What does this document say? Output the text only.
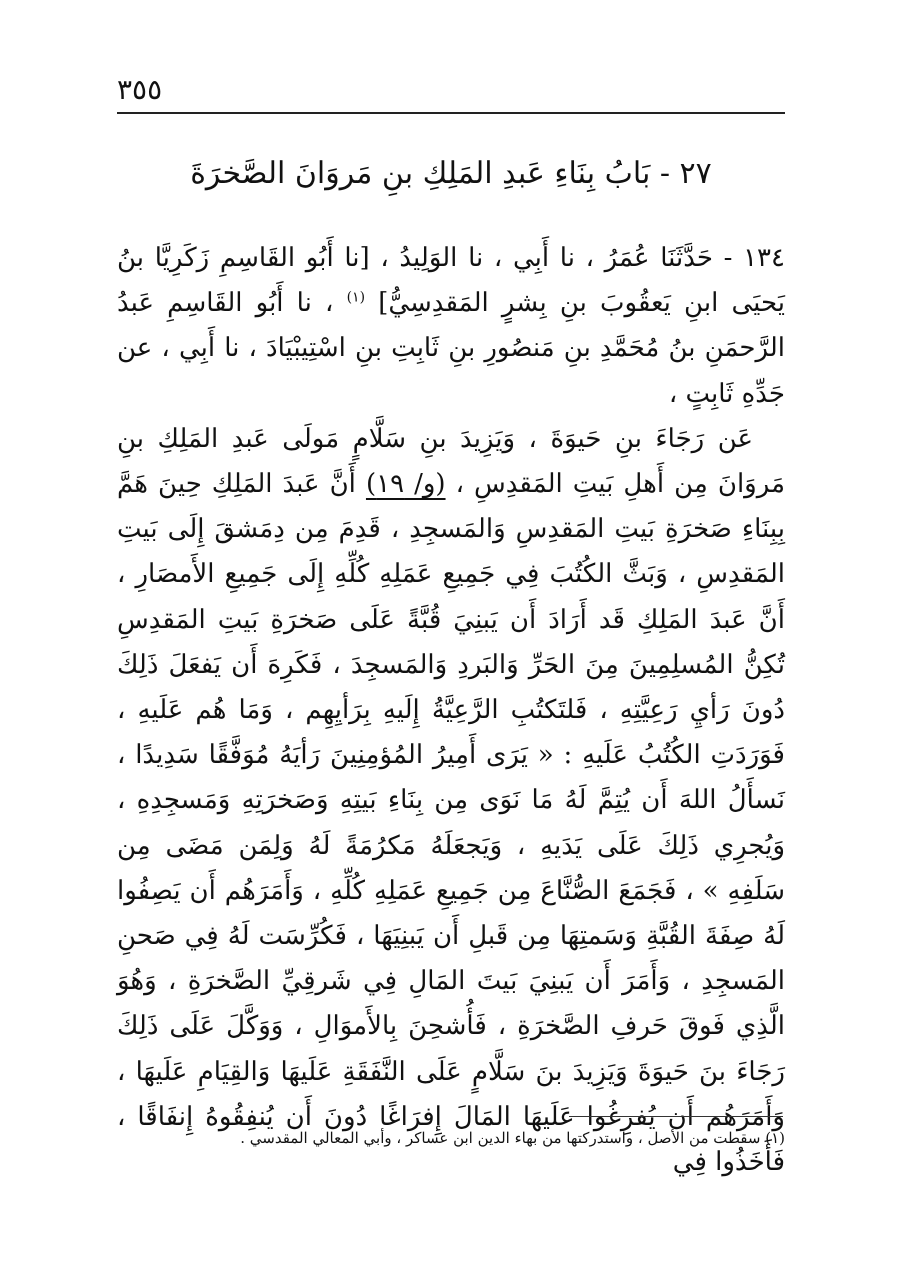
٣٥٥
٢٧ - بَابُ بِنَاءِ عَبدِ المَلِكِ بنِ مَروَانَ الصَّخرَةَ

١٣٤ - حَدَّثَنَا عُمَرُ ، نا أَبِي ، نا الوَلِيدُ ، [نا أَبُو القَاسِمِ زَكَرِيَّا بنُ يَحيَى ابنِ يَعقُوبَ بنِ بِشرٍ المَقدِسِيُّ] $^{(١)}$ ، نا أَبُو القَاسِمِ عَبدُ الرَّحمَنِ بنُ مُحَمَّدِ بنِ مَنصُورِ بنِ ثَابِتِ بنِ اسْتِيبْيَادَ ، نا أَبِي ، عن جَدِّهِ ثَابِتٍ ،

عَن رَجَاءَ بنِ حَيوَةَ ، وَيَزِيدَ بنِ سَلَّامٍ مَولَى عَبدِ المَلِكِ بنِ مَروَانَ مِن أَهلِ بَيتِ المَقدِسِ ، (و/ ١٩) أَنَّ عَبدَ المَلِكِ حِينَ هَمَّ بِبِنَاءِ صَخرَةِ بَيتِ المَقدِسِ وَالمَسجِدِ ، قَدِمَ مِن دِمَشقَ إِلَى بَيتِ المَقدِسِ ، وَبَثَّ الكُتُبَ فِي جَمِيعِ عَمَلِهِ كُلِّهِ إِلَى جَمِيعِ الأَمصَارِ ، أَنَّ عَبدَ المَلِكِ قَد أَرَادَ أَن يَبنِيَ قُبَّةً عَلَى صَخرَةِ بَيتِ المَقدِسِ تُكِنُّ المُسلِمِينَ مِنَ الحَرِّ وَالبَردِ وَالمَسجِدَ ، فَكَرِهَ أَن يَفعَلَ ذَلِكَ دُونَ رَأيِ رَعِيَّتِهِ ، فَلتَكتُبِ الرَّعِيَّةُ إِلَيهِ بِرَأيِهِم ، وَمَا هُم عَلَيهِ ، فَوَرَدَتِ الكُتُبُ عَلَيهِ : « يَرَى أَمِيرُ المُؤمِنِينَ رَأيَهُ مُوَفَّقًا سَدِيدًا ، نَسأَلُ اللهَ أَن يُتِمَّ لَهُ مَا نَوَى مِن بِنَاءِ بَيتِهِ وَصَخرَتِهِ وَمَسجِدِهِ ، وَيُجرِي ذَلِكَ عَلَى يَدَيهِ ، وَيَجعَلَهُ مَكرُمَةً لَهُ وَلِمَن مَضَى مِن سَلَفِهِ » ، فَجَمَعَ الصُّنَّاعَ مِن جَمِيعِ عَمَلِهِ كُلِّهِ ، وَأَمَرَهُم أَن يَصِفُوا لَهُ صِفَةَ القُبَّةِ وَسَمتِهَا مِن قَبلِ أَن يَبنِيَهَا ، فَكُرِّسَت لَهُ فِي صَحنِ المَسجِدِ ، وَأَمَرَ أَن يَبنِيَ بَيتَ المَالِ فِي شَرقِيِّ الصَّخرَةِ ، وَهُوَ الَّذِي فَوقَ حَرفِ الصَّخرَةِ ، فَأُشحِنَ بِالأَموَالِ ، وَوَكَّلَ عَلَى ذَلِكَ رَجَاءَ بنَ حَيوَةَ وَيَزِيدَ بنَ سَلَّامٍ عَلَى النَّفَقَةِ عَلَيهَا وَالقِيَامِ عَلَيهَا ، وَأَمَرَهُم أَن يُفرِغُوا عَلَيهَا المَالَ إِفرَاغًا دُونَ أَن يُنفِقُوهُ إِنفَاقًا ، فَأَخَذُوا فِي

(١) سقطت من الأصل ، واستدركتها من بهاء الدين ابن عساكر ، وأبي المعالي المقدسي .
